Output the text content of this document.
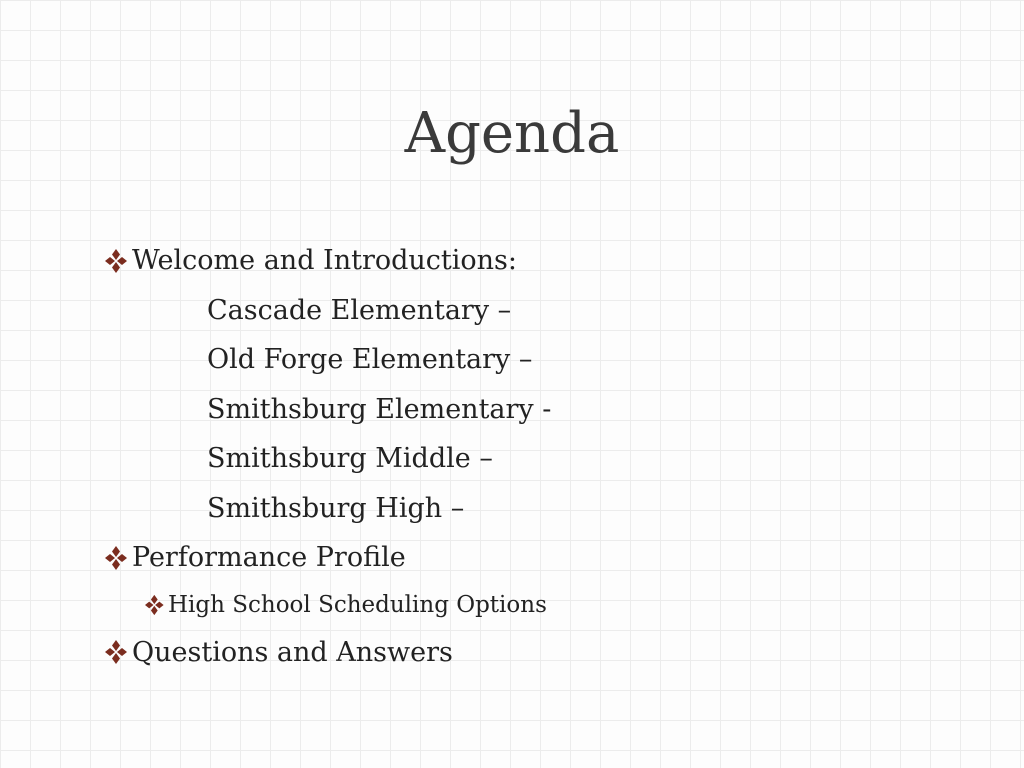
Agenda
Welcome and Introductions:
Cascade Elementary –
Old Forge Elementary –
Smithsburg Elementary -
Smithsburg Middle –
Smithsburg High –
Performance Profile
High School Scheduling Options
Questions and Answers
